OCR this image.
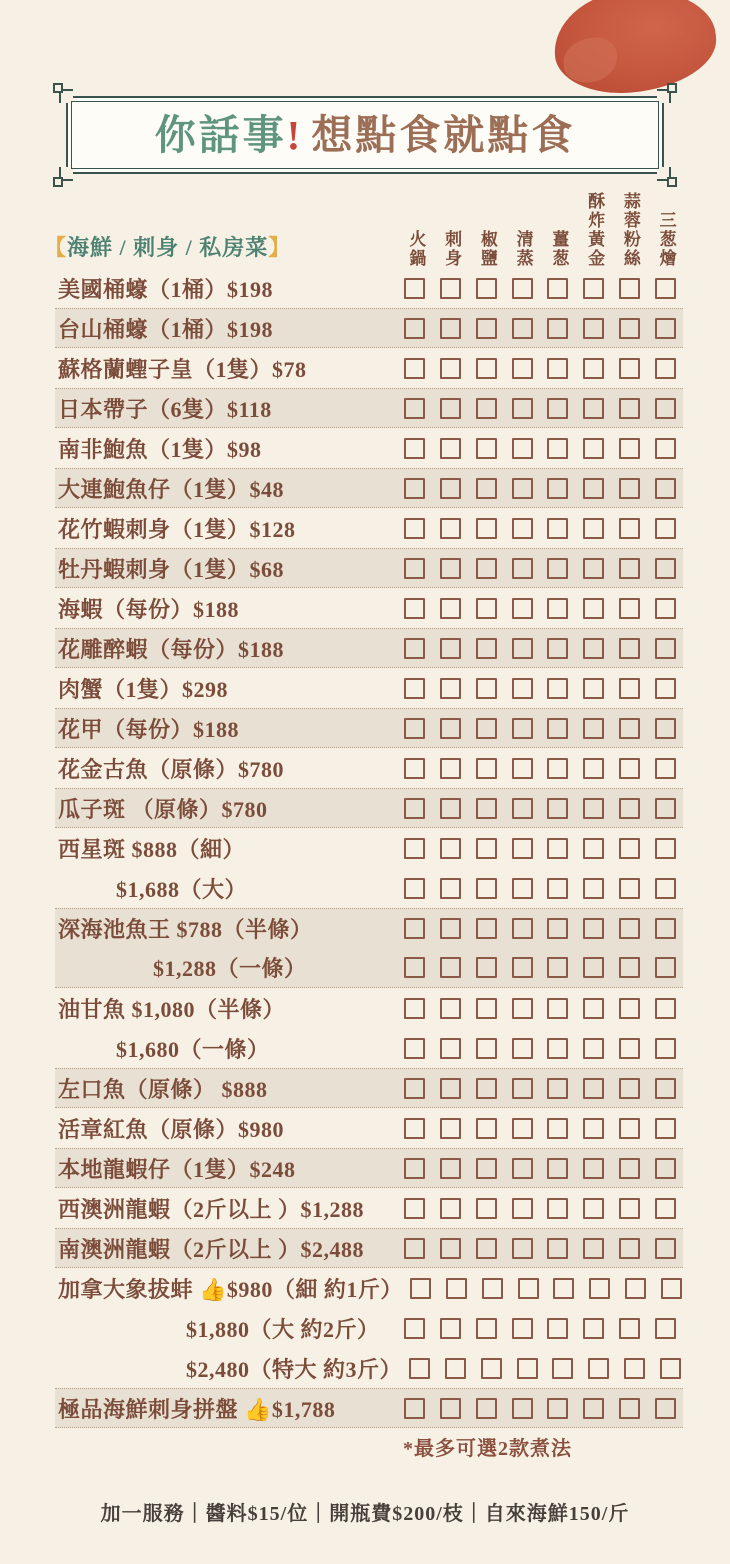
你話事 ! 想點食就點食
火鍋 刺身 椒鹽 清蒸 薑葱 酥炸黃金 蒜蓉粉絲 三葱燴
【海鮮 / 刺身 / 私房菜】
美國桶蠔（1桶）$198
台山桶蠔（1桶）$198
蘇格蘭蟶子皇（1隻）$78
日本帶子（6隻）$118
南非鮑魚（1隻）$98
大連鮑魚仔（1隻）$48
花竹蝦刺身（1隻）$128
牡丹蝦刺身（1隻）$68
海蝦（每份）$188
花雕醉蝦（每份）$188
肉蟹（1隻）$298
花甲（每份）$188
花金古魚（原條）$780
瓜子斑 （原條）$780
西星斑 $888（細）
$1,688（大）
深海池魚王 $788（半條）
$1,288（一條）
油甘魚 $1,080（半條）
$1,680（一條）
左口魚（原條） $888
活章紅魚（原條）$980
本地龍蝦仔（1隻）$248
西澳洲龍蝦（2斤以上 ）$1,288
南澳洲龍蝦（2斤以上 ）$2,488
加拿大象拔蚌 👍$980（細 約1斤）
$1,880（大 約2斤）
$2,480（特大 約3斤）
極品海鮮刺身拼盤 👍$1,788
*最多可選2款煮法
加一服務｜醬料$15/位｜開瓶費$200/枝｜自來海鮮150/斤
